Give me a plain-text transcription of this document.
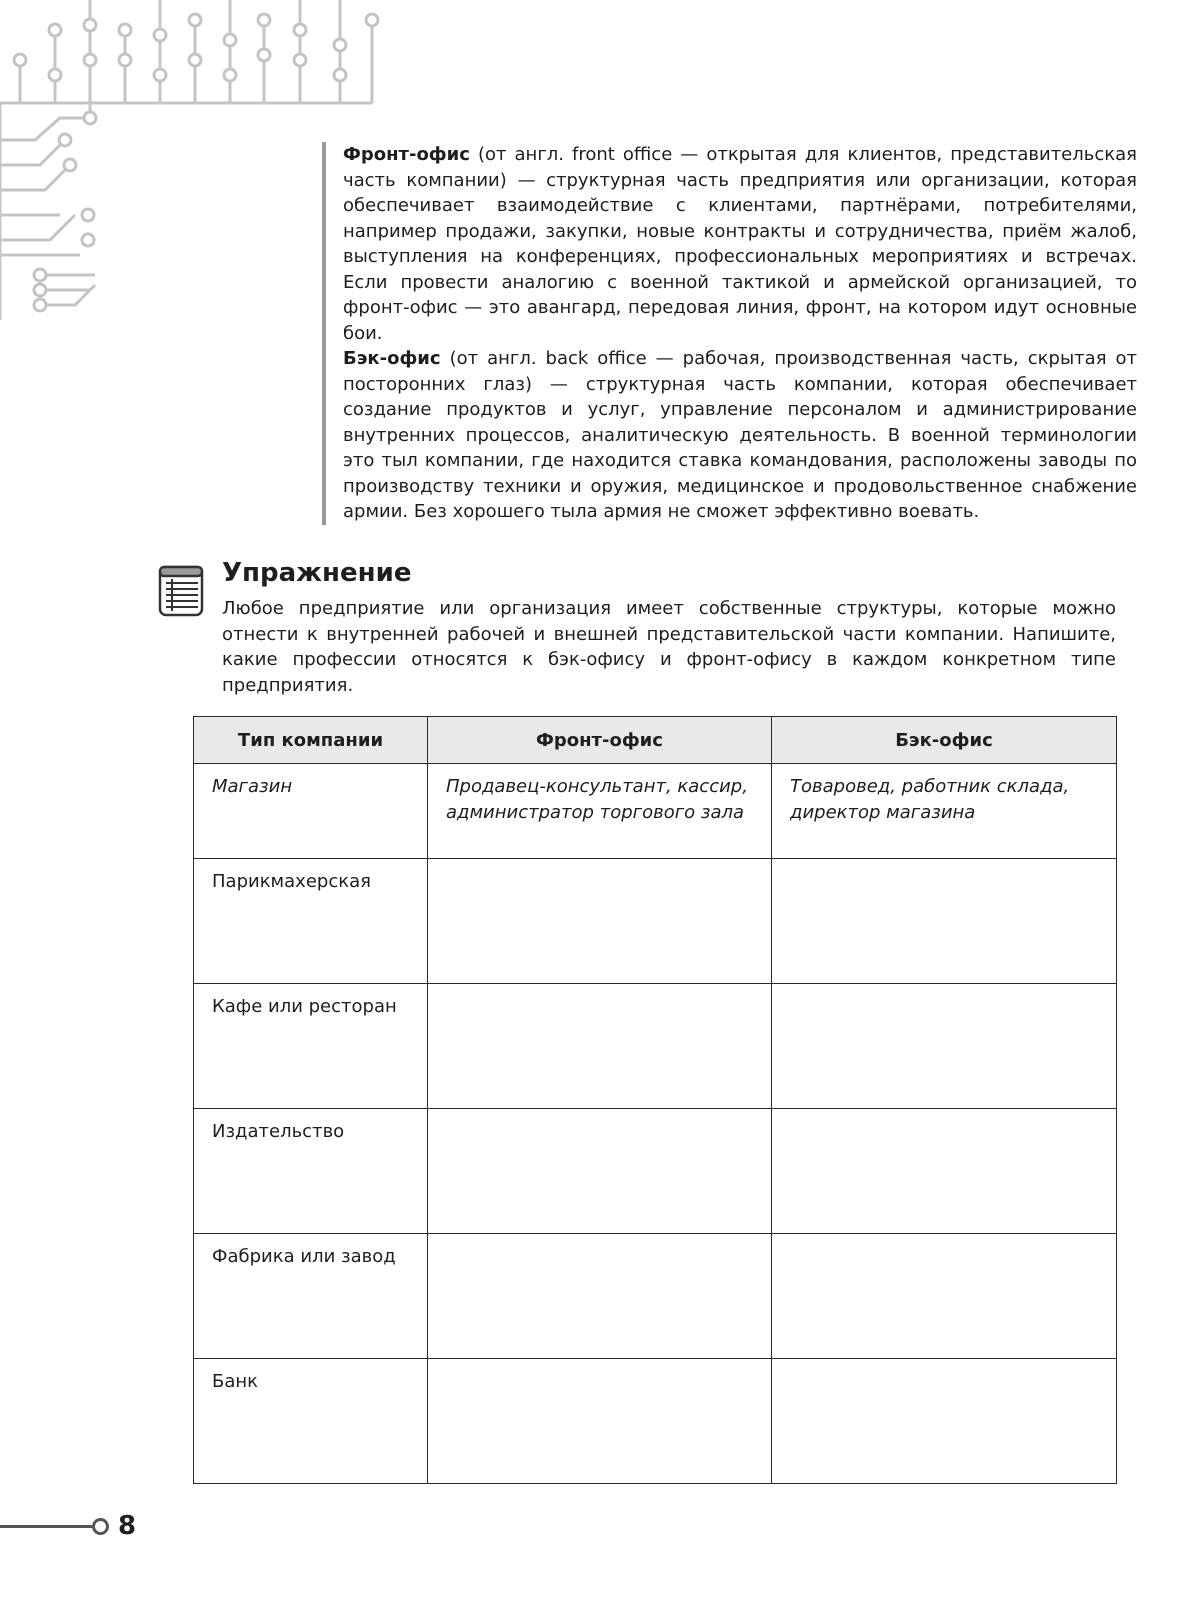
Фронт-офис (от англ. front office — открытая для клиентов, представительская часть компании) — структурная часть предприятия или организации, которая обеспечивает взаимодействие с клиентами, партнёрами, потребителями, например продажи, закупки, новые контракты и сотрудничества, приём жалоб, выступления на конференциях, профессиональных мероприятиях и встречах. Если провести аналогию с военной тактикой и армейской организацией, то фронт-офис — это авангард, передовая линия, фронт, на котором идут основные бои.

Бэк-офис (от англ. back office — рабочая, производственная часть, скрытая от посторонних глаз) — структурная часть компании, которая обеспечивает создание продуктов и услуг, управление персоналом и администрирование внутренних процессов, аналитическую деятельность. В военной терминологии это тыл компании, где находится ставка командования, расположены заводы по производству техники и оружия, медицинское и продовольственное снабжение армии. Без хорошего тыла армия не сможет эффективно воевать.

Упражнение

Любое предприятие или организация имеет собственные структуры, которые можно отнести к внутренней рабочей и внешней представительской части компании. Напишите, какие профессии относятся к бэк-офису и фронт-офису в каждом конкретном типе предприятия.

Тип компании	Фронт-офис	Бэк-офис
Магазин	Продавец-консультант, кассир, администратор торгового зала	Товаровед, работник склада, директор магазина
Парикмахерская		
Кафе или ресторан		
Издательство		
Фабрика или завод		
Банк		
8
